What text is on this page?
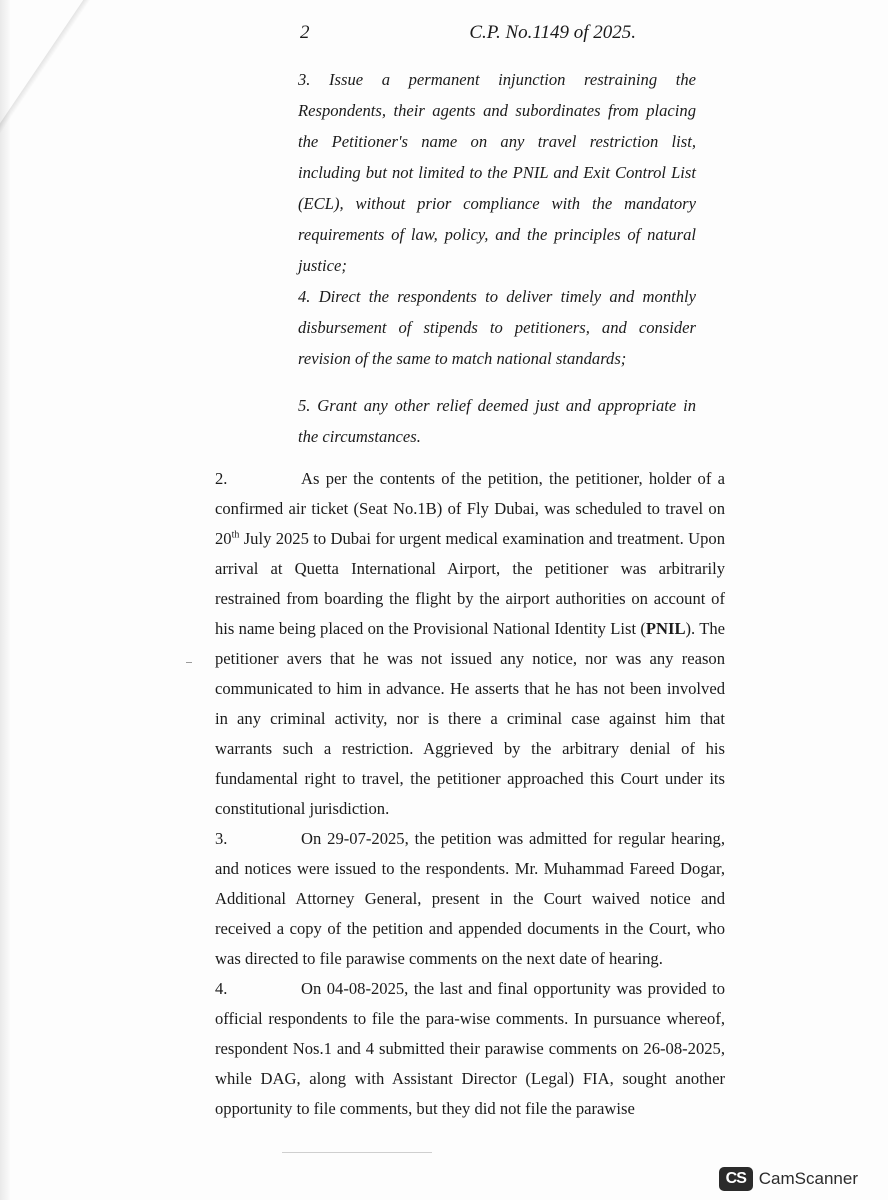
2	C.P. No.1149 of 2025.

3. Issue a permanent injunction restraining the Respondents, their agents and subordinates from placing the Petitioner's name on any travel restriction list, including but not limited to the PNIL and Exit Control List (ECL), without prior compliance with the mandatory requirements of law, policy, and the principles of natural justice;

4. Direct the respondents to deliver timely and monthly disbursement of stipends to petitioners, and consider revision of the same to match national standards;

5. Grant any other relief deemed just and appropriate in the circumstances.

2.	As per the contents of the petition, the petitioner, holder of a confirmed air ticket (Seat No.1B) of Fly Dubai, was scheduled to travel on 20th July 2025 to Dubai for urgent medical examination and treatment. Upon arrival at Quetta International Airport, the petitioner was arbitrarily restrained from boarding the flight by the airport authorities on account of his name being placed on the Provisional National Identity List (PNIL). The petitioner avers that he was not issued any notice, nor was any reason communicated to him in advance. He asserts that he has not been involved in any criminal activity, nor is there a criminal case against him that warrants such a restriction. Aggrieved by the arbitrary denial of his fundamental right to travel, the petitioner approached this Court under its constitutional jurisdiction.

3.	On 29-07-2025, the petition was admitted for regular hearing, and notices were issued to the respondents. Mr. Muhammad Fareed Dogar, Additional Attorney General, present in the Court waived notice and received a copy of the petition and appended documents in the Court, who was directed to file parawise comments on the next date of hearing.

4.	On 04-08-2025, the last and final opportunity was provided to official respondents to file the para-wise comments. In pursuance whereof, respondent Nos.1 and 4 submitted their parawise comments on 26-08-2025, while DAG, along with Assistant Director (Legal) FIA, sought another opportunity to file comments, but they did not file the parawise

CS CamScanner
